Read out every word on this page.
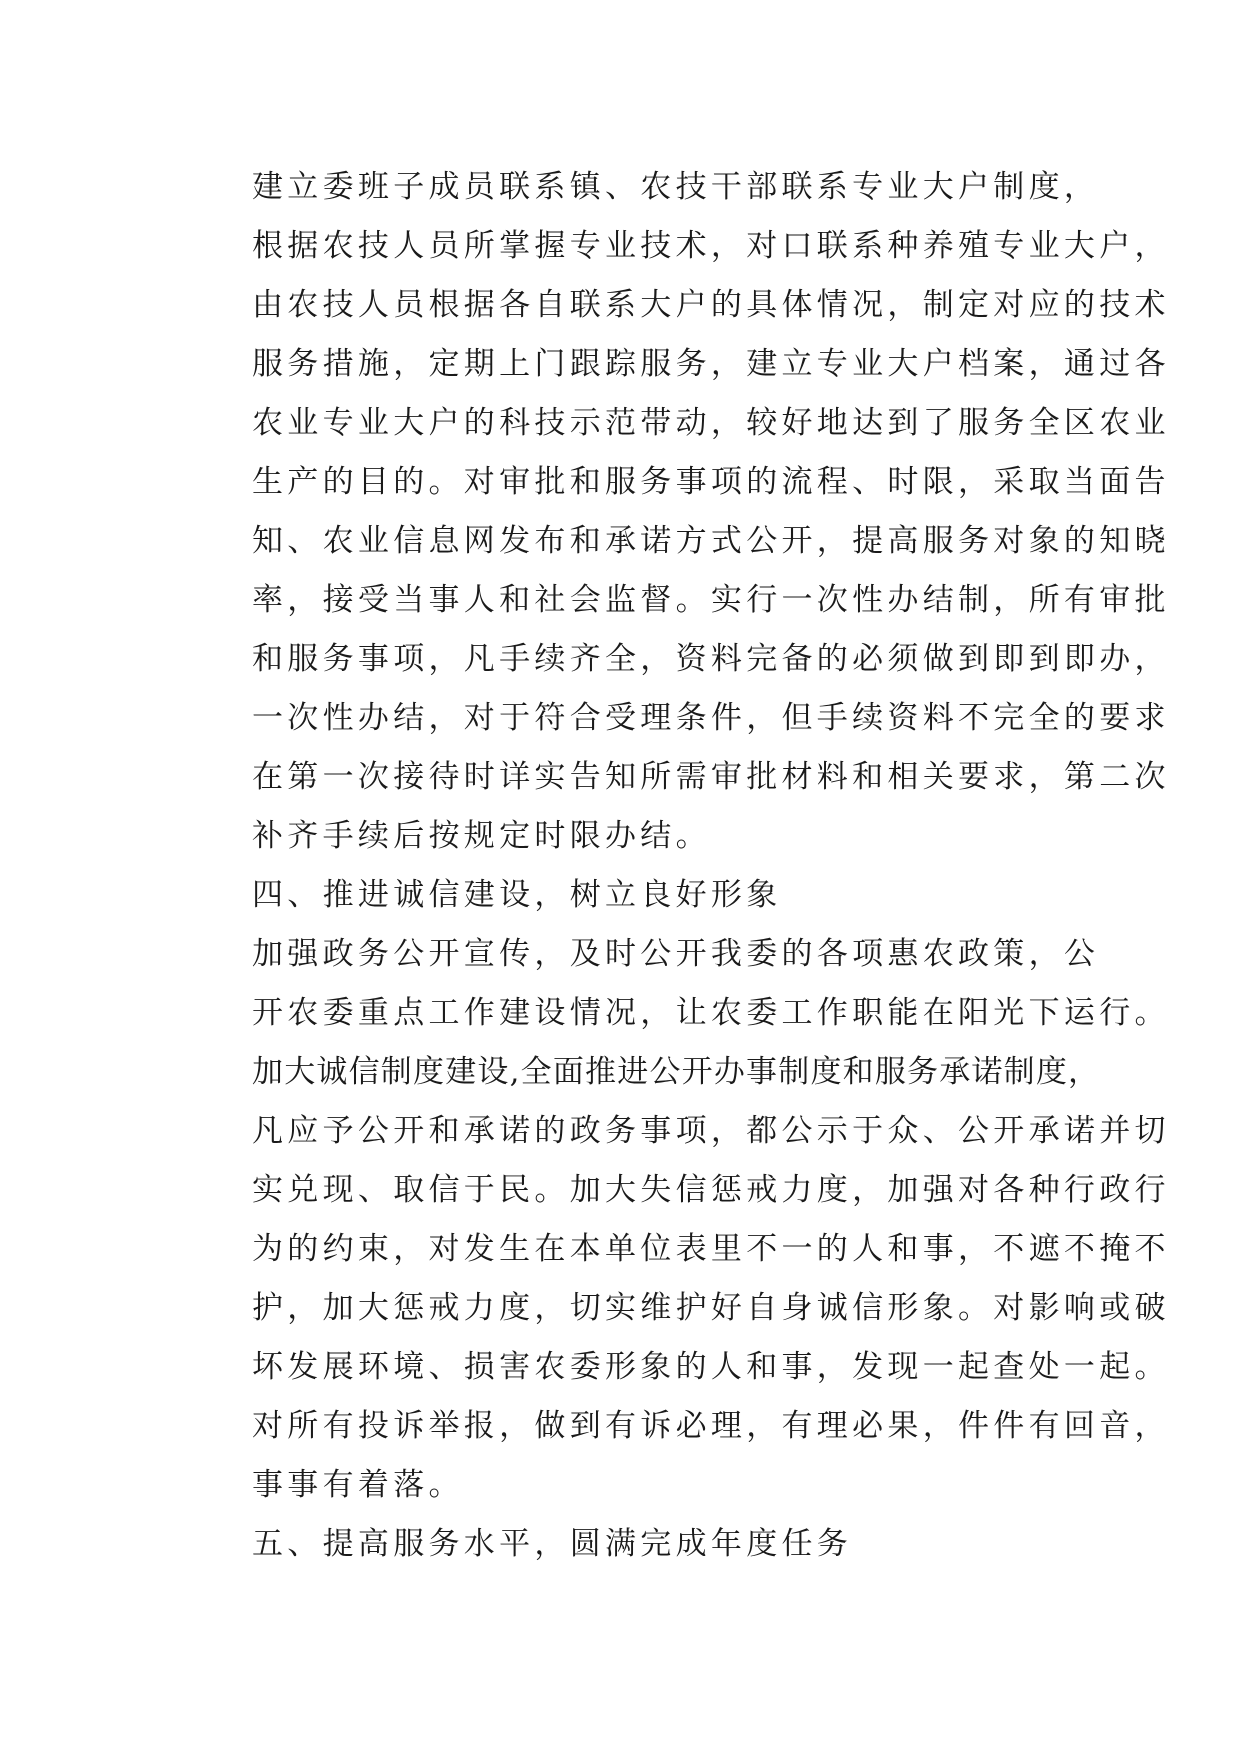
建立委班子成员联系镇、农技干部联系专业大户制度，
根据农技人员所掌握专业技术，对口联系种养殖专业大户，
由农技人员根据各自联系大户的具体情况，制定对应的技术
服务措施，定期上门跟踪服务，建立专业大户档案，通过各
农业专业大户的科技示范带动，较好地达到了服务全区农业
生产的目的。对审批和服务事项的流程、时限，采取当面告
知、农业信息网发布和承诺方式公开，提高服务对象的知晓
率，接受当事人和社会监督。实行一次性办结制，所有审批
和服务事项，凡手续齐全，资料完备的必须做到即到即办，
一次性办结，对于符合受理条件，但手续资料不完全的要求
在第一次接待时详实告知所需审批材料和相关要求，第二次
补齐手续后按规定时限办结。
四、推进诚信建设，树立良好形象
加强政务公开宣传，及时公开我委的各项惠农政策，公
开农委重点工作建设情况，让农委工作职能在阳光下运行。
加大诚信制度建设,全面推进公开办事制度和服务承诺制度，
凡应予公开和承诺的政务事项，都公示于众、公开承诺并切
实兑现、取信于民。加大失信惩戒力度，加强对各种行政行
为的约束，对发生在本单位表里不一的人和事，不遮不掩不
护，加大惩戒力度，切实维护好自身诚信形象。对影响或破
坏发展环境、损害农委形象的人和事，发现一起查处一起。
对所有投诉举报，做到有诉必理，有理必果，件件有回音，
事事有着落。
五、提高服务水平，圆满完成年度任务
